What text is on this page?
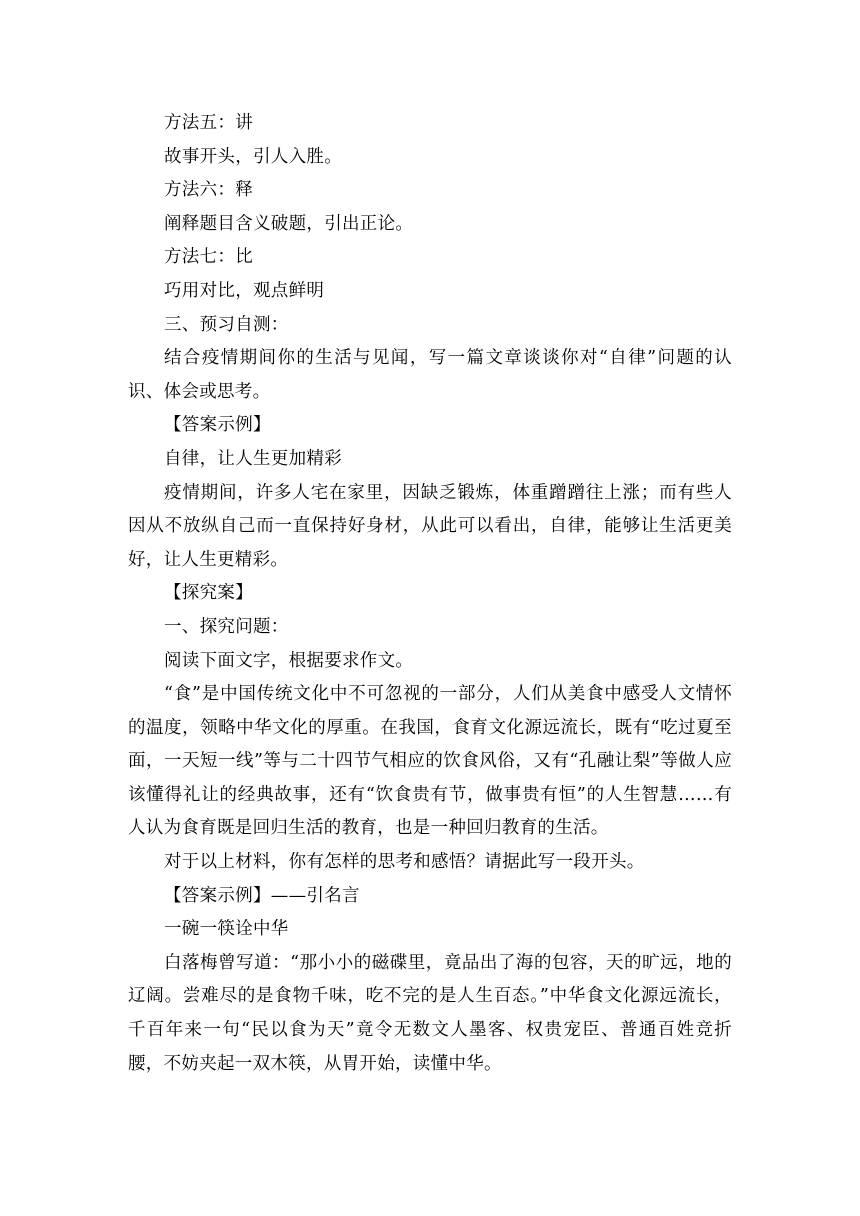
方法五：讲

故事开头，引人入胜。

方法六：释

阐释题目含义破题，引出正论。

方法七：比

巧用对比，观点鲜明

三、预习自测：

结合疫情期间你的生活与见闻，写一篇文章谈谈你对“自律”问题的认识、体会或思考。

【答案示例】

自律，让人生更加精彩

疫情期间，许多人宅在家里，因缺乏锻炼，体重蹭蹭往上涨；而有些人因从不放纵自己而一直保持好身材，从此可以看出，自律，能够让生活更美好，让人生更精彩。

【探究案】

一、探究问题：

阅读下面文字，根据要求作文。

“食”是中国传统文化中不可忽视的一部分，人们从美食中感受人文情怀的温度，领略中华文化的厚重。在我国，食育文化源远流长，既有“吃过夏至面，一天短一线”等与二十四节气相应的饮食风俗，又有“孔融让梨”等做人应该懂得礼让的经典故事，还有“饮食贵有节，做事贵有恒”的人生智慧……有人认为食育既是回归生活的教育，也是一种回归教育的生活。

对于以上材料，你有怎样的思考和感悟？请据此写一段开头。

【答案示例】——引名言

一碗一筷诠中华

白落梅曾写道：“那小小的磁碟里，竟品出了海的包容，天的旷远，地的辽阔。尝难尽的是食物千味，吃不完的是人生百态。”中华食文化源远流长，千百年来一句“民以食为天”竟令无数文人墨客、权贵宠臣、普通百姓竞折腰，不妨夹起一双木筷，从胃开始，读懂中华。
